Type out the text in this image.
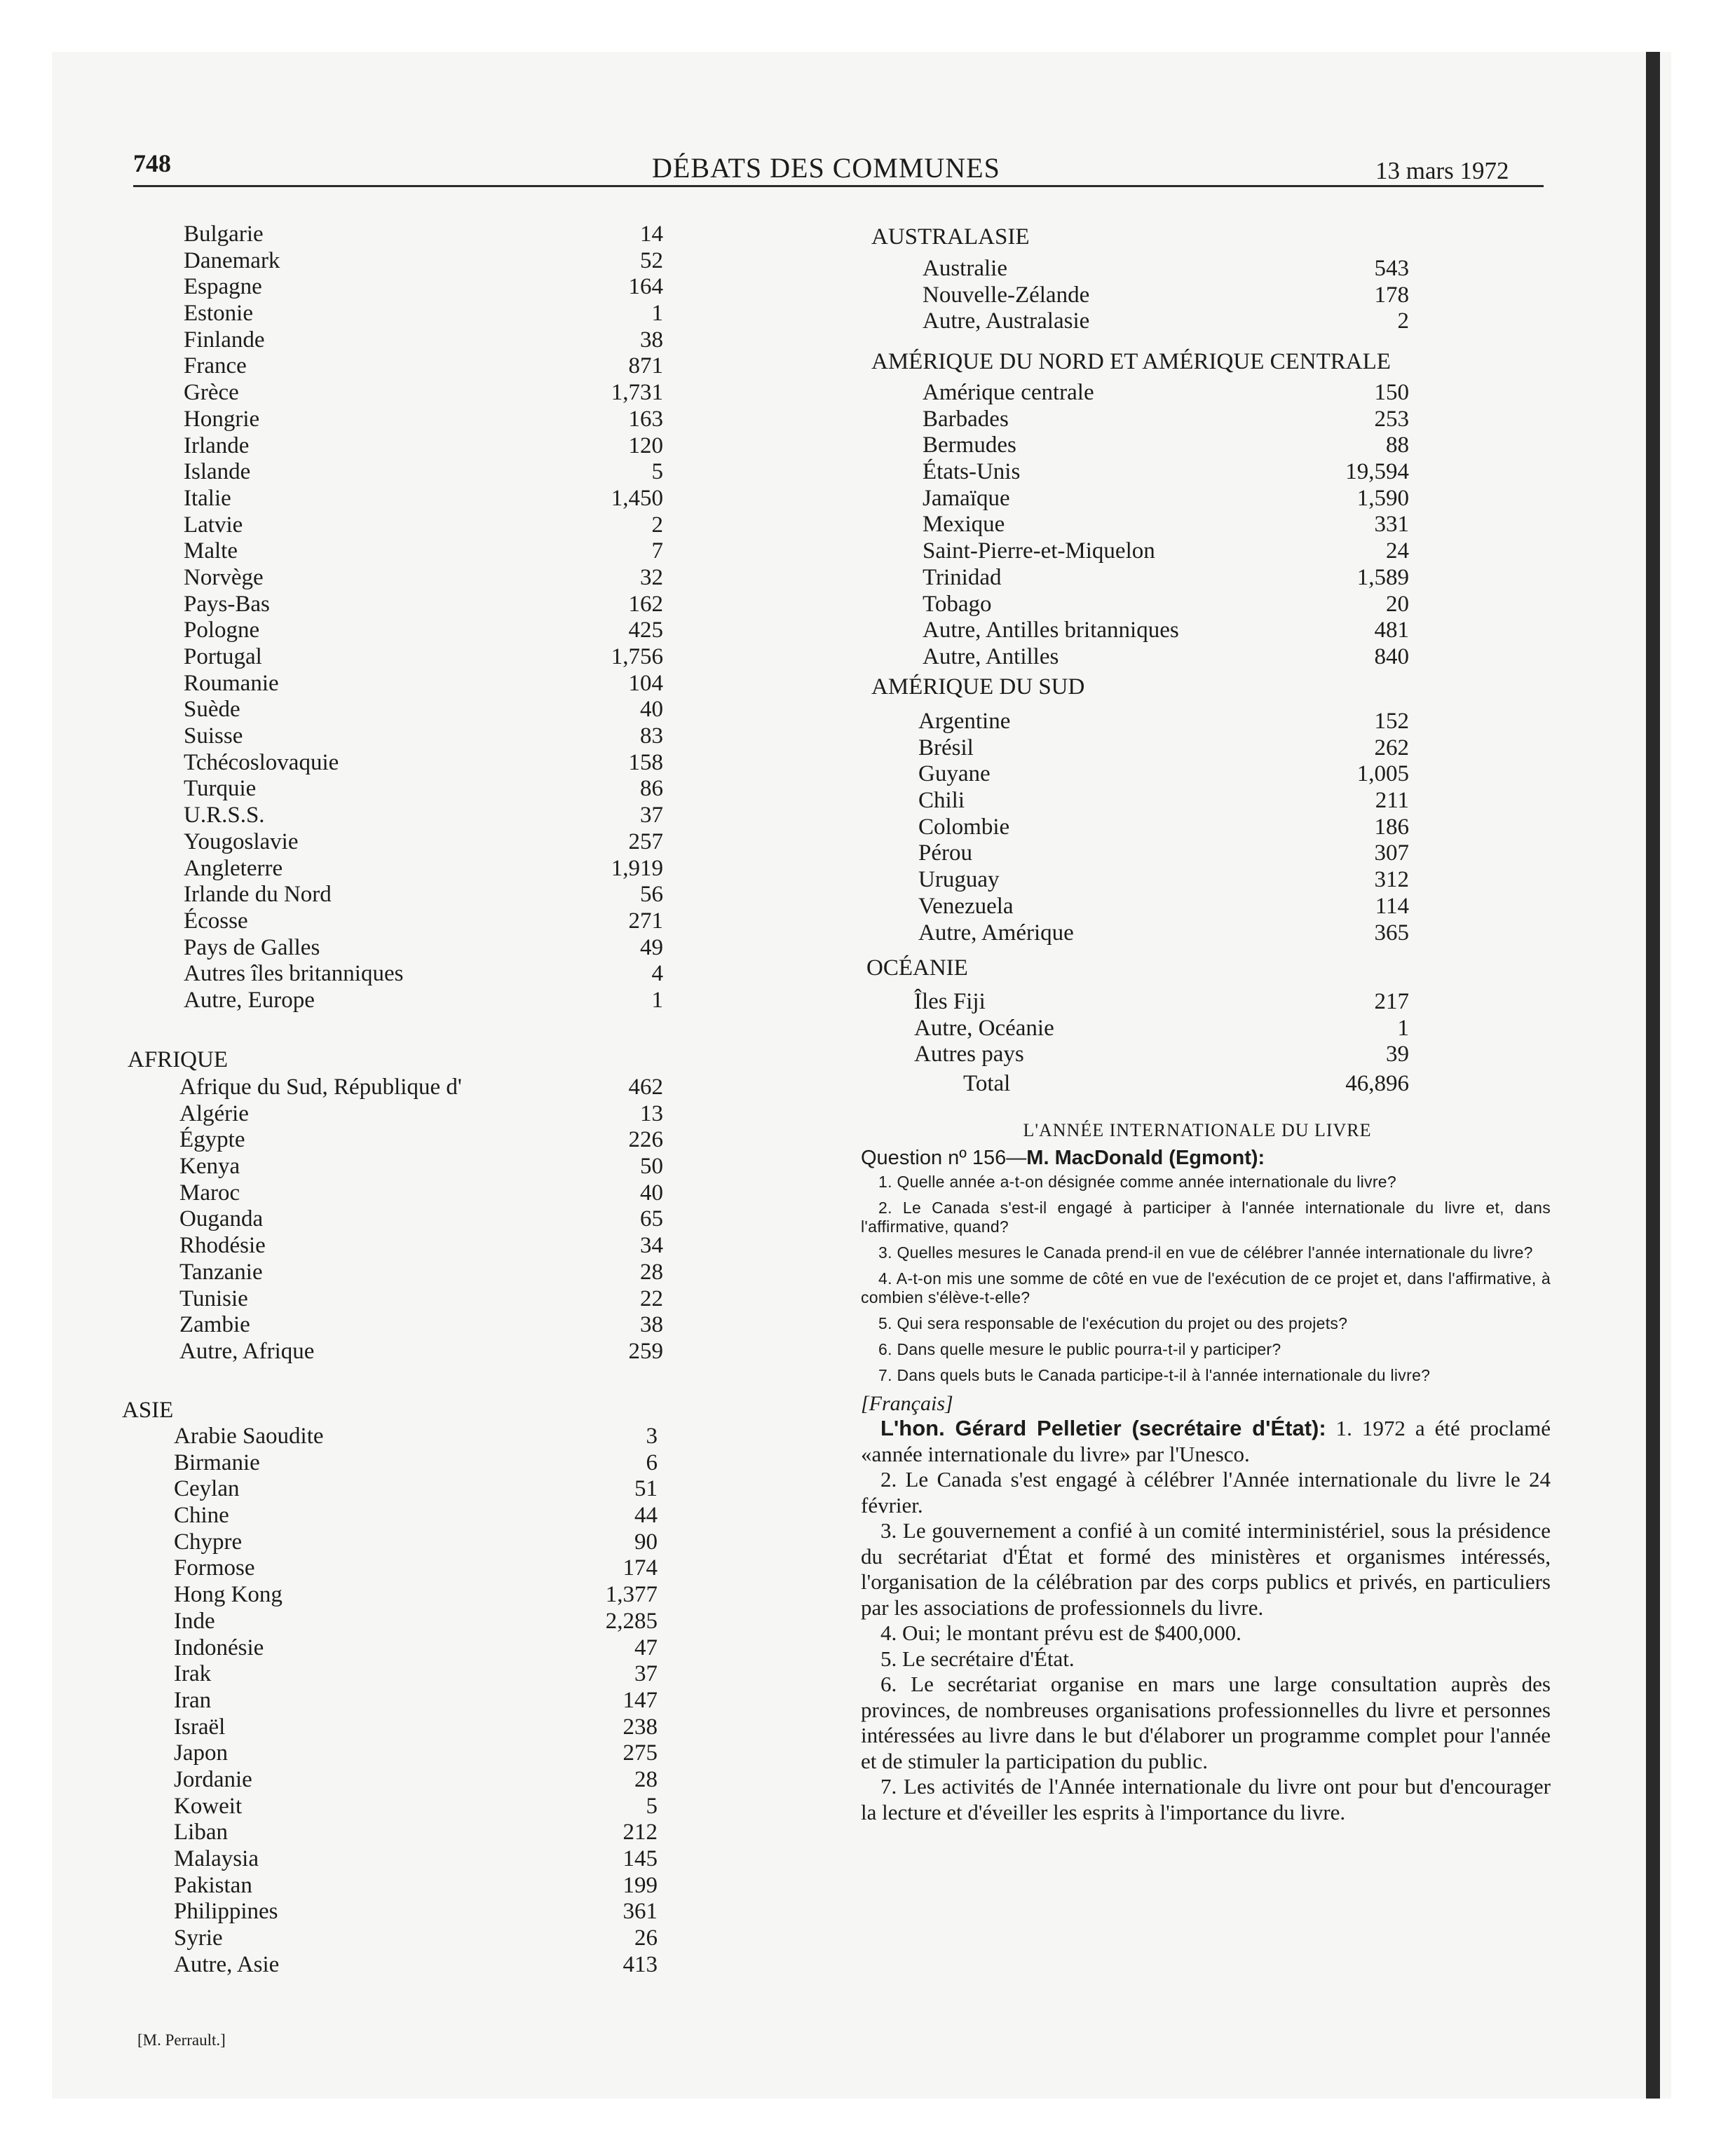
748	DÉBATS DES COMMUNES	13 mars 1972
Bulgarie	14
Danemark	52
Espagne	164
Estonie	1
Finlande	38
France	871
Grèce	1,731
Hongrie	163
Irlande	120
Islande	5
Italie	1,450
Latvie	2
Malte	7
Norvège	32
Pays-Bas	162
Pologne	425
Portugal	1,756
Roumanie	104
Suède	40
Suisse	83
Tchécoslovaquie	158
Turquie	86
U.R.S.S.	37
Yougoslavie	257
Angleterre	1,919
Irlande du Nord	56
Écosse	271
Pays de Galles	49
Autres îles britanniques	4
Autre, Europe	1
AFRIQUE
Afrique du Sud, République d'	462
Algérie	13
Égypte	226
Kenya	50
Maroc	40
Ouganda	65
Rhodésie	34
Tanzanie	28
Tunisie	22
Zambie	38
Autre, Afrique	259
ASIE
Arabie Saoudite	3
Birmanie	6
Ceylan	51
Chine	44
Chypre	90
Formose	174
Hong Kong	1,377
Inde	2,285
Indonésie	47
Irak	37
Iran	147
Israël	238
Japon	275
Jordanie	28
Koweit	5
Liban	212
Malaysia	145
Pakistan	199
Philippines	361
Syrie	26
Autre, Asie	413
[M. Perrault.]
AUSTRALASIE
Australie	543
Nouvelle-Zélande	178
Autre, Australasie	2
AMÉRIQUE DU NORD ET AMÉRIQUE CENTRALE
Amérique centrale	150
Barbades	253
Bermudes	88
États-Unis	19,594
Jamaïque	1,590
Mexique	331
Saint-Pierre-et-Miquelon	24
Trinidad	1,589
Tobago	20
Autre, Antilles britanniques	481
Autre, Antilles	840
AMÉRIQUE DU SUD
Argentine	152
Brésil	262
Guyane	1,005
Chili	211
Colombie	186
Pérou	307
Uruguay	312
Venezuela	114
Autre, Amérique	365
OCÉANIE
Îles Fiji	217
Autre, Océanie	1
Autres pays	39
Total	46,896
L'ANNÉE INTERNATIONALE DU LIVRE
Question nº 156—M. MacDonald (Egmont):

1. Quelle année a-t-on désignée comme année internationale du livre?

2. Le Canada s'est-il engagé à participer à l'année internationale du livre et, dans l'affirmative, quand?

3. Quelles mesures le Canada prend-il en vue de célébrer l'année internationale du livre?

4. A-t-on mis une somme de côté en vue de l'exécution de ce projet et, dans l'affirmative, à combien s'élève-t-elle?

5. Qui sera responsable de l'exécution du projet ou des projets?

6. Dans quelle mesure le public pourra-t-il y participer?

7. Dans quels buts le Canada participe-t-il à l'année internationale du livre?

[Français]

L'hon. Gérard Pelletier (secrétaire d'État): 1. 1972 a été proclamé «année internationale du livre» par l'Unesco.

2. Le Canada s'est engagé à célébrer l'Année internationale du livre le 24 février.

3. Le gouvernement a confié à un comité interministériel, sous la présidence du secrétariat d'État et formé des ministères et organismes intéressés, l'organisation de la célébration par des corps publics et privés, en particuliers par les associations de professionnels du livre.

4. Oui; le montant prévu est de $400,000.

5. Le secrétaire d'État.

6. Le secrétariat organise en mars une large consultation auprès des provinces, de nombreuses organisations professionnelles du livre et personnes intéressées au livre dans le but d'élaborer un programme complet pour l'année et de stimuler la participation du public.

7. Les activités de l'Année internationale du livre ont pour but d'encourager la lecture et d'éveiller les esprits à l'importance du livre.
